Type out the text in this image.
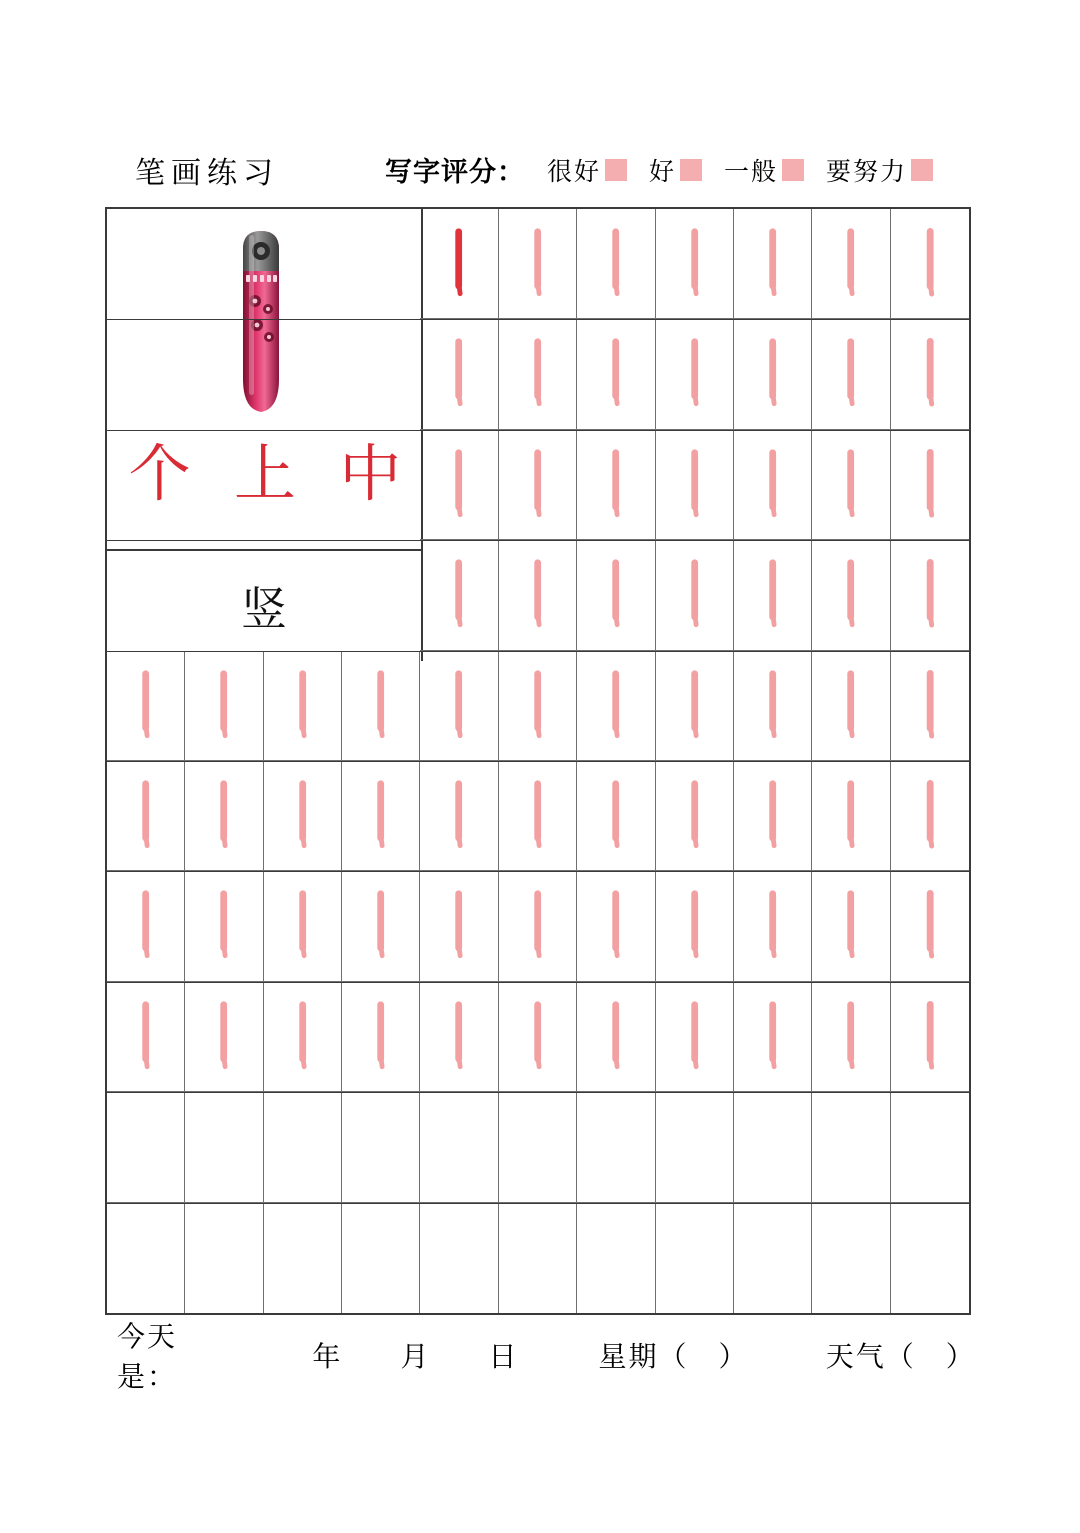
笔画练习	写字评分： 很好 好 一般 要努力
个 上 中
竖
今天是：
年 月 日	星期（　）	天气（　）
